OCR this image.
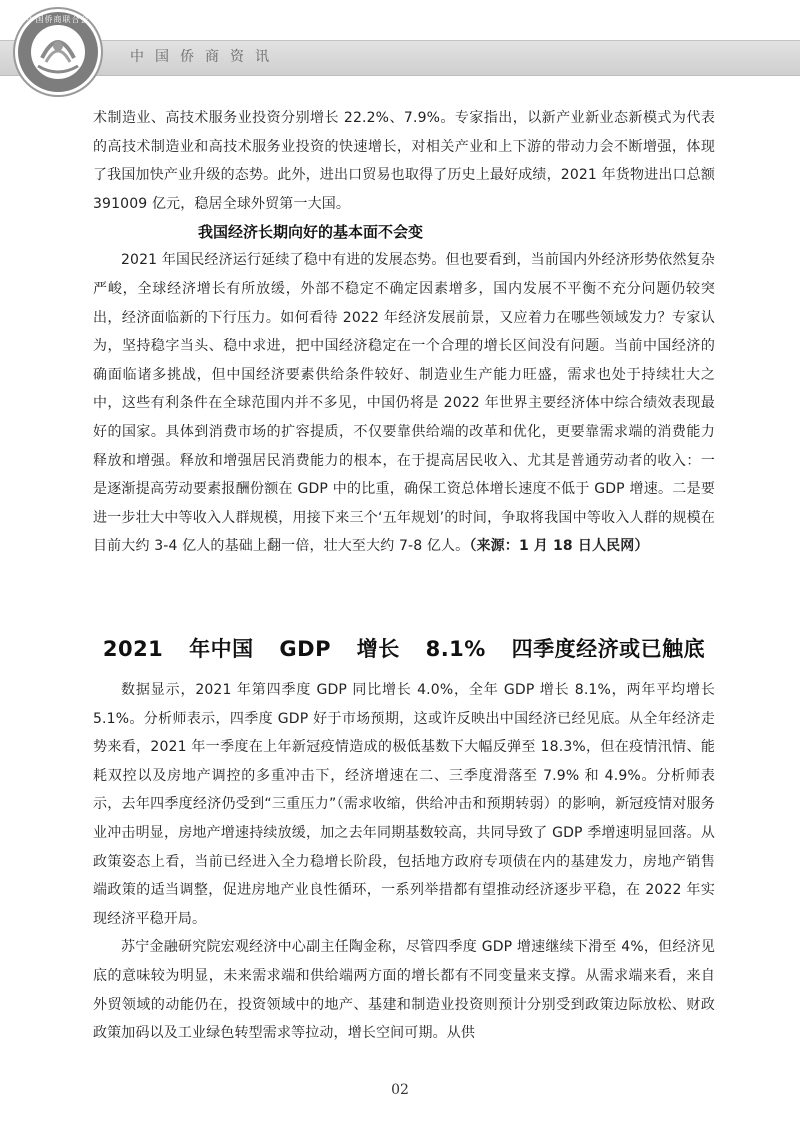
中国侨商联合会
中国侨商资讯

术制造业、高技术服务业投资分别增长 22.2%、7.9%。专家指出，以新产业新业态新模式为代表的高技术制造业和高技术服务业投资的快速增长，对相关产业和上下游的带动力会不断增强，体现了我国加快产业升级的态势。此外，进出口贸易也取得了历史上最好成绩，2021 年货物进出口总额 391009 亿元，稳居全球外贸第一大国。

我国经济长期向好的基本面不会变

2021 年国民经济运行延续了稳中有进的发展态势。但也要看到，当前国内外经济形势依然复杂严峻，全球经济增长有所放缓，外部不稳定不确定因素增多，国内发展不平衡不充分问题仍较突出，经济面临新的下行压力。如何看待 2022 年经济发展前景，又应着力在哪些领域发力？专家认为，坚持稳字当头、稳中求进，把中国经济稳定在一个合理的增长区间没有问题。当前中国经济的确面临诸多挑战，但中国经济要素供给条件较好、制造业生产能力旺盛，需求也处于持续壮大之中，这些有利条件在全球范围内并不多见，中国仍将是 2022 年世界主要经济体中综合绩效表现最好的国家。具体到消费市场的扩容提质，不仅要靠供给端的改革和优化，更要靠需求端的消费能力释放和增强。释放和增强居民消费能力的根本，在于提高居民收入、尤其是普通劳动者的收入：一是逐渐提高劳动要素报酬份额在 GDP 中的比重，确保工资总体增长速度不低于 GDP 增速。二是要进一步壮大中等收入人群规模，用接下来三个‘五年规划’的时间，争取将我国中等收入人群的规模在目前大约 3-4 亿人的基础上翻一倍，壮大至大约 7-8 亿人。（来源：1 月 18 日人民网）

2021 年中国 GDP 增长 8.1% 四季度经济或已触底

数据显示，2021 年第四季度 GDP 同比增长 4.0%，全年 GDP 增长 8.1%，两年平均增长 5.1%。分析师表示，四季度 GDP 好于市场预期，这或许反映出中国经济已经见底。从全年经济走势来看，2021 年一季度在上年新冠疫情造成的极低基数下大幅反弹至 18.3%，但在疫情汛情、能耗双控以及房地产调控的多重冲击下，经济增速在二、三季度滑落至 7.9% 和 4.9%。分析师表示，去年四季度经济仍受到“三重压力”（需求收缩，供给冲击和预期转弱）的影响，新冠疫情对服务业冲击明显，房地产增速持续放缓，加之去年同期基数较高，共同导致了 GDP 季增速明显回落。从政策姿态上看，当前已经进入全力稳增长阶段，包括地方政府专项债在内的基建发力，房地产销售端政策的适当调整，促进房地产业良性循环，一系列举措都有望推动经济逐步平稳，在 2022 年实现经济平稳开局。

苏宁金融研究院宏观经济中心副主任陶金称，尽管四季度 GDP 增速继续下滑至 4%，但经济见底的意味较为明显，未来需求端和供给端两方面的增长都有不同变量来支撑。从需求端来看，来自外贸领域的动能仍在，投资领域中的地产、基建和制造业投资则预计分别受到政策边际放松、财政政策加码以及工业绿色转型需求等拉动，增长空间可期。从供

02
